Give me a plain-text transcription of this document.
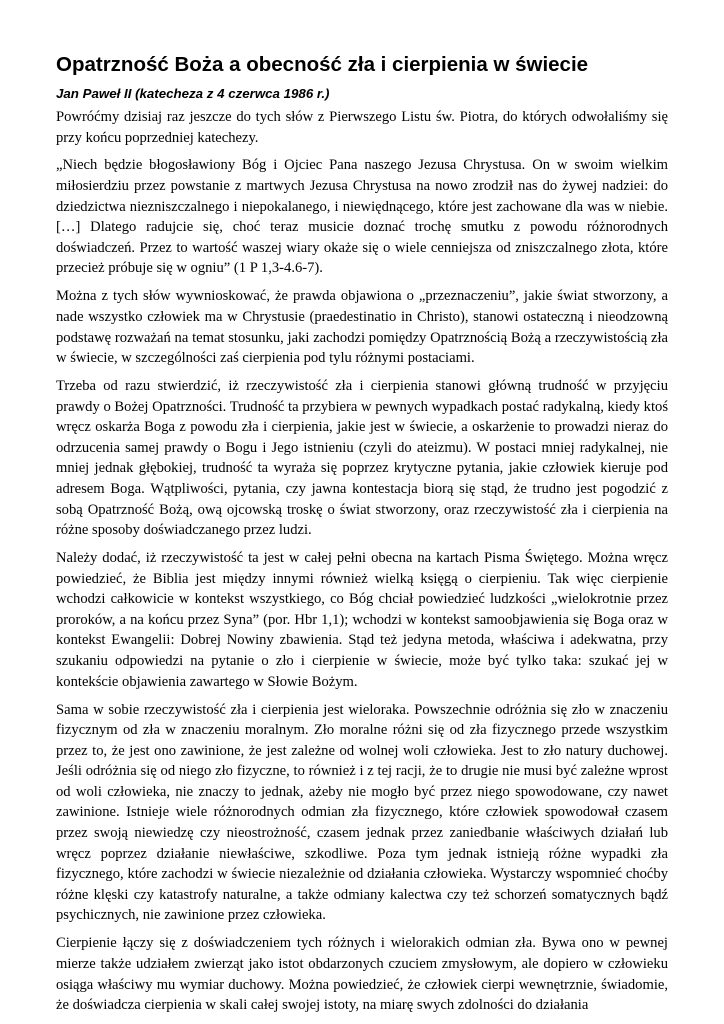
Opatrzność Boża a obecność zła i cierpienia w świecie
Jan Paweł II (katecheza z 4 czerwca 1986 r.)

Powróćmy dzisiaj raz jeszcze do tych słów z Pierwszego Listu św. Piotra, do których odwołaliśmy się przy końcu poprzedniej katechezy.

„Niech będzie błogosławiony Bóg i Ojciec Pana naszego Jezusa Chrystusa. On w swoim wielkim miłosierdziu przez powstanie z martwych Jezusa Chrystusa na nowo zrodził nas do żywej nadziei: do dziedzictwa niezniszczalnego i niepokalanego, i niewiędnącego, które jest zachowane dla was w niebie. […] Dlatego radujcie się, choć teraz musicie doznać trochę smutku z powodu różnorodnych doświadczeń. Przez to wartość waszej wiary okaże się o wiele cenniejsza od zniszczalnego złota, które przecież próbuje się w ogniu” (1 P 1,3-4.6-7).

Można z tych słów wywnioskować, że prawda objawiona o „przeznaczeniu”, jakie świat stworzony, a nade wszystko człowiek ma w Chrystusie (praedestinatio in Christo), stanowi ostateczną i nieodzowną podstawę rozważań na temat stosunku, jaki zachodzi pomiędzy Opatrznością Bożą a rzeczywistością zła w świecie, w szczególności zaś cierpienia pod tylu różnymi postaciami.

Trzeba od razu stwierdzić, iż rzeczywistość zła i cierpienia stanowi główną trudność w przyjęciu prawdy o Bożej Opatrzności. Trudność ta przybiera w pewnych wypadkach postać radykalną, kiedy ktoś wręcz oskarża Boga z powodu zła i cierpienia, jakie jest w świecie, a oskarżenie to prowadzi nieraz do odrzucenia samej prawdy o Bogu i Jego istnieniu (czyli do ateizmu). W postaci mniej radykalnej, nie mniej jednak głębokiej, trudność ta wyraża się poprzez krytyczne pytania, jakie człowiek kieruje pod adresem Boga. Wątpliwości, pytania, czy jawna kontestacja biorą się stąd, że trudno jest pogodzić z sobą Opatrzność Bożą, ową ojcowską troskę o świat stworzony, oraz rzeczywistość zła i cierpienia na różne sposoby doświadczanego przez ludzi.

Należy dodać, iż rzeczywistość ta jest w całej pełni obecna na kartach Pisma Świętego. Można wręcz powiedzieć, że Biblia jest między innymi również wielką księgą o cierpieniu. Tak więc cierpienie wchodzi całkowicie w kontekst wszystkiego, co Bóg chciał powiedzieć ludzkości „wielokrotnie przez proroków, a na końcu przez Syna” (por. Hbr 1,1); wchodzi w kontekst samoobjawienia się Boga oraz w kontekst Ewangelii: Dobrej Nowiny zbawienia. Stąd też jedyna metoda, właściwa i adekwatna, przy szukaniu odpowiedzi na pytanie o zło i cierpienie w świecie, może być tylko taka: szukać jej w kontekście objawienia zawartego w Słowie Bożym.

Sama w sobie rzeczywistość zła i cierpienia jest wieloraka. Powszechnie odróżnia się zło w znaczeniu fizycznym od zła w znaczeniu moralnym. Zło moralne różni się od zła fizycznego przede wszystkim przez to, że jest ono zawinione, że jest zależne od wolnej woli człowieka. Jest to zło natury duchowej. Jeśli odróżnia się od niego zło fizyczne, to również i z tej racji, że to drugie nie musi być zależne wprost od woli człowieka, nie znaczy to jednak, ażeby nie mogło być przez niego spowodowane, czy nawet zawinione. Istnieje wiele różnorodnych odmian zła fizycznego, które człowiek spowodował czasem przez swoją niewiedzę czy nieostrożność, czasem jednak przez zaniedbanie właściwych działań lub wręcz poprzez działanie niewłaściwe, szkodliwe. Poza tym jednak istnieją różne wypadki zła fizycznego, które zachodzi w świecie niezależnie od działania człowieka. Wystarczy wspomnieć choćby różne klęski czy katastrofy naturalne, a także odmiany kalectwa czy też schorzeń somatycznych bądź psychicznych, nie zawinione przez człowieka.

Cierpienie łączy się z doświadczeniem tych różnych i wielorakich odmian zła. Bywa ono w pewnej mierze także udziałem zwierząt jako istot obdarzonych czuciem zmysłowym, ale dopiero w człowieku osiąga właściwy mu wymiar duchowy. Można powiedzieć, że człowiek cierpi wewnętrznie, świadomie, że doświadcza cierpienia w skali całej swojej istoty, na miarę swych zdolności do działania
